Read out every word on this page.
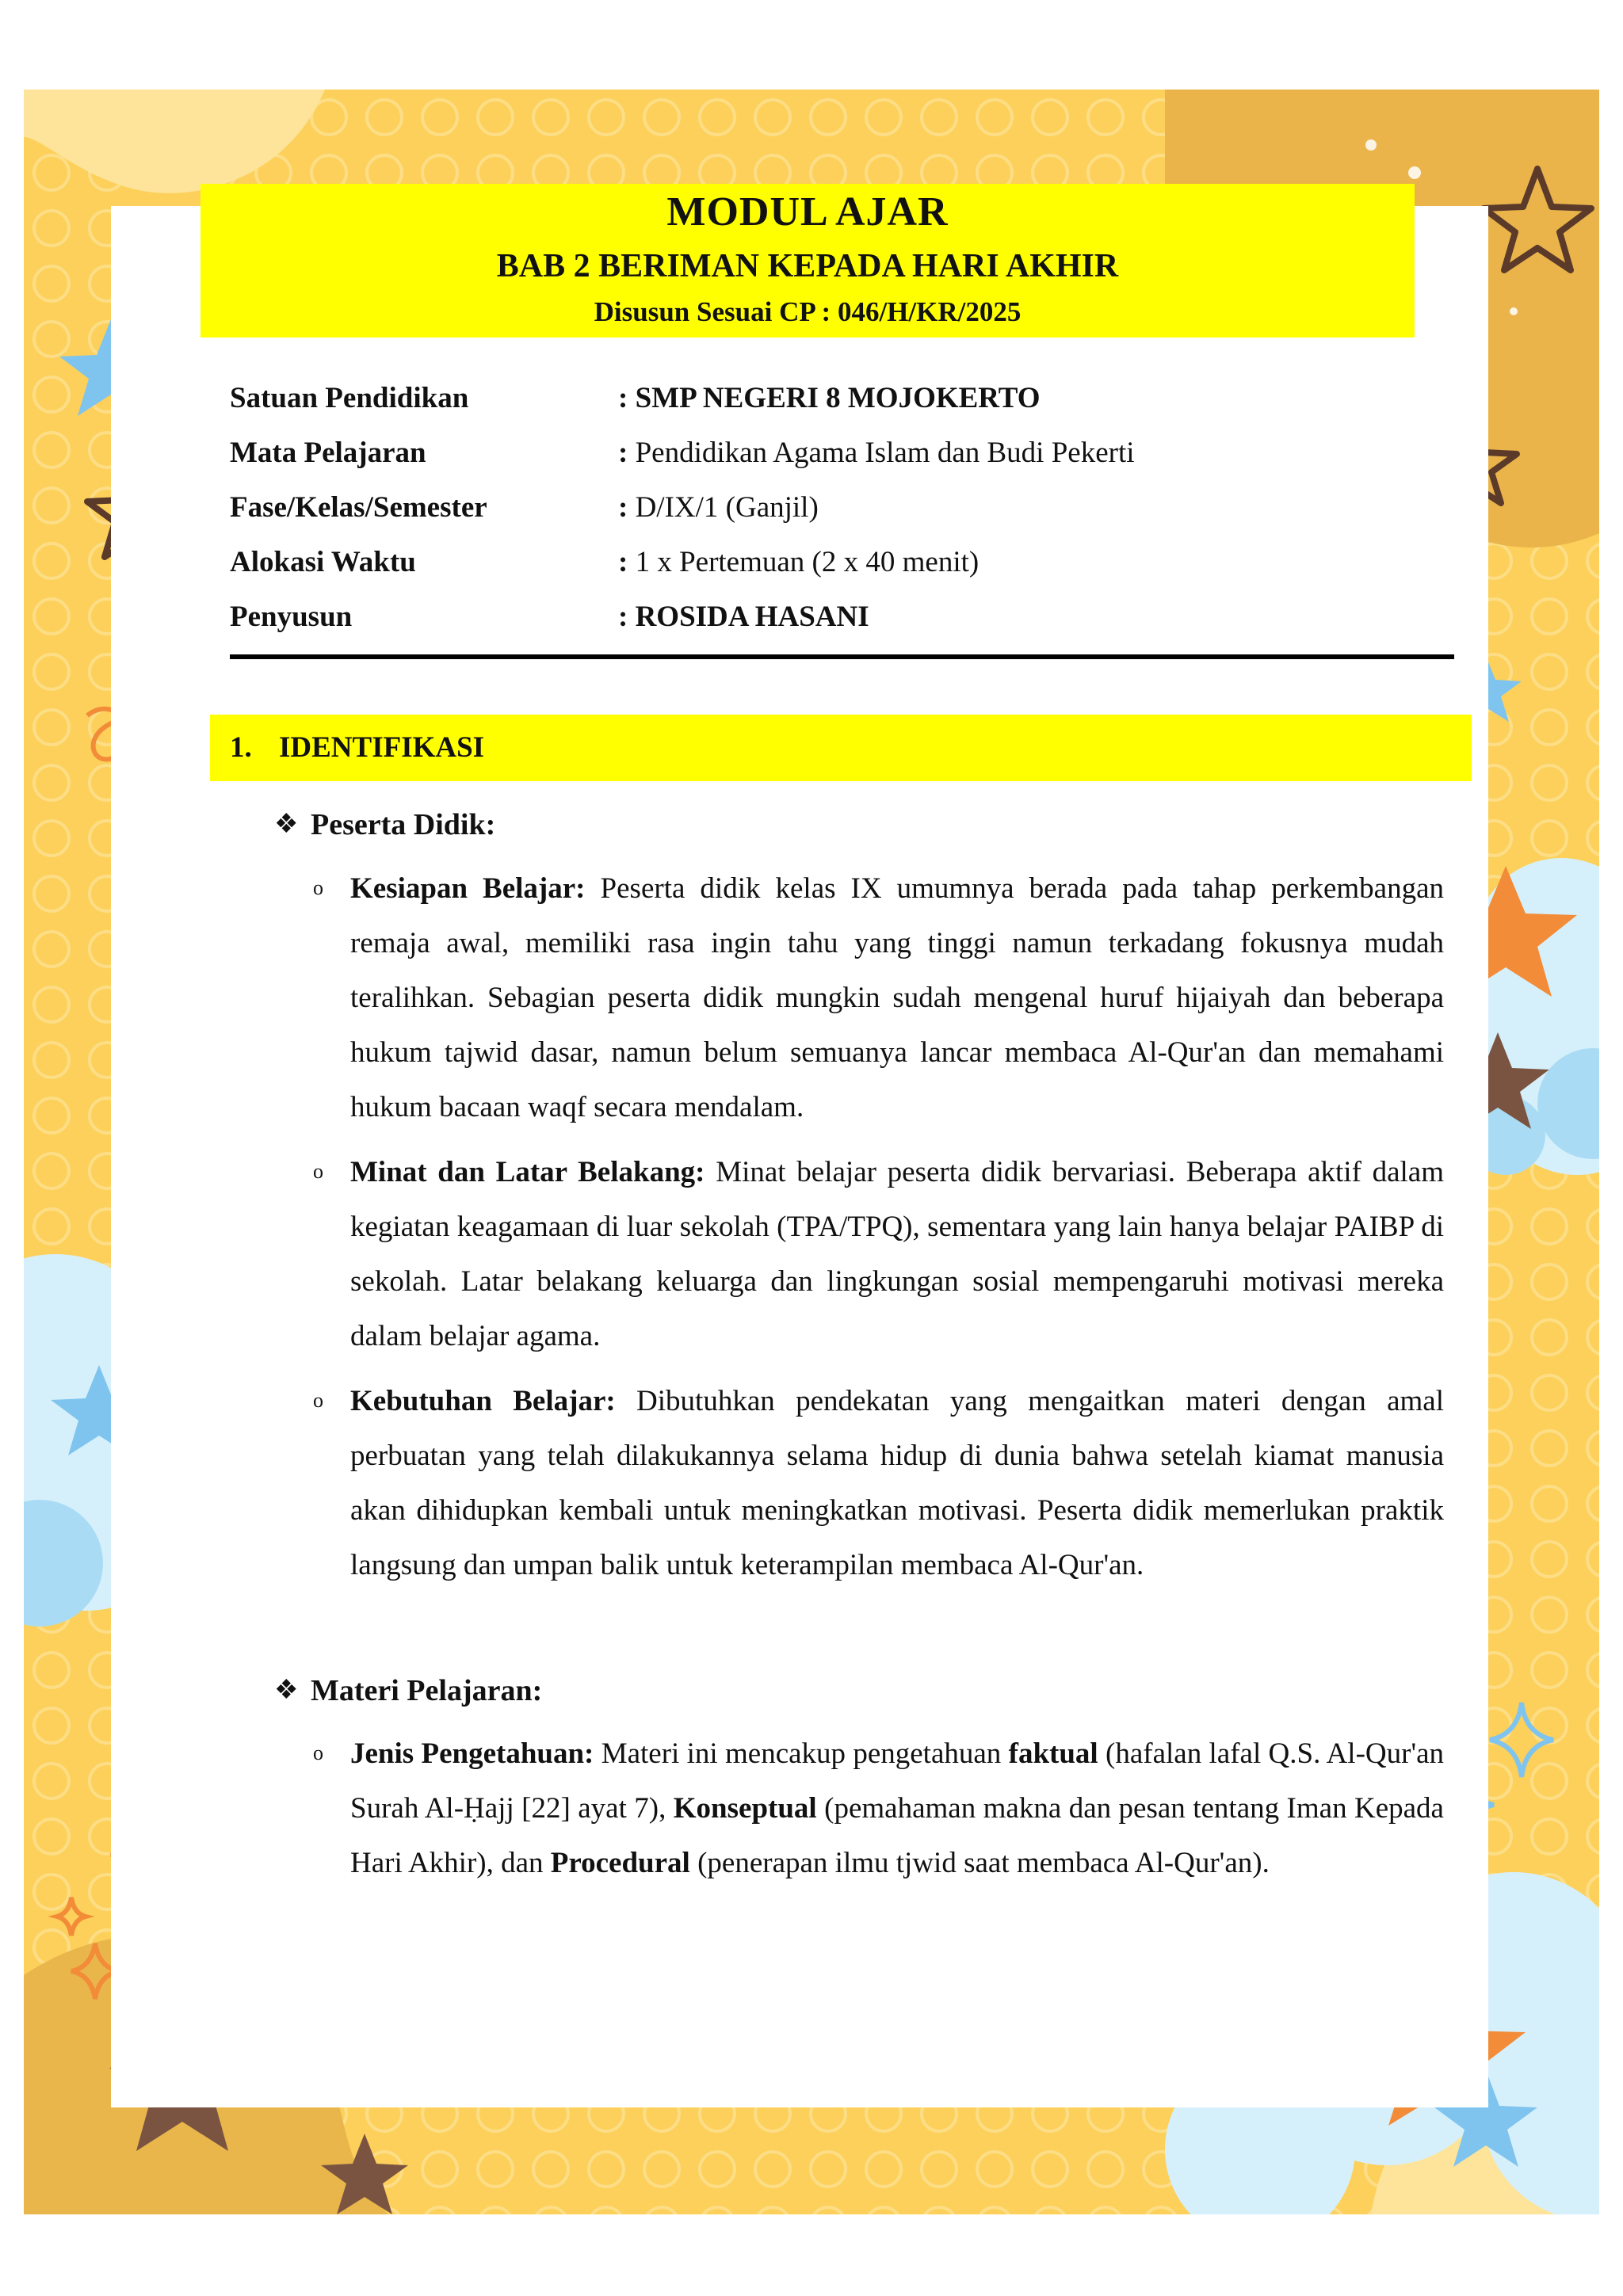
MODUL AJAR
BAB 2 BERIMAN KEPADA HARI AKHIR
Disusun Sesuai CP : 046/H/KR/2025
Satuan Pendidikan	: SMP NEGERI 8 MOJOKERTO
Mata Pelajaran	: Pendidikan Agama Islam dan Budi Pekerti
Fase/Kelas/Semester	: D/IX/1 (Ganjil)
Alokasi Waktu	: 1 x Pertemuan (2 x 40 menit)
Penyusun	: ROSIDA HASANI
1. IDENTIFIKASI
❖ Peserta Didik:
o Kesiapan Belajar: Peserta didik kelas IX umumnya berada pada tahap perkembangan remaja awal, memiliki rasa ingin tahu yang tinggi namun terkadang fokusnya mudah teralihkan. Sebagian peserta didik mungkin sudah mengenal huruf hijaiyah dan beberapa hukum tajwid dasar, namun belum semuanya lancar membaca Al-Qur'an dan memahami hukum bacaan waqf secara mendalam.
o Minat dan Latar Belakang: Minat belajar peserta didik bervariasi. Beberapa aktif dalam kegiatan keagamaan di luar sekolah (TPA/TPQ), sementara yang lain hanya belajar PAIBP di sekolah. Latar belakang keluarga dan lingkungan sosial mempengaruhi motivasi mereka dalam belajar agama.
o Kebutuhan Belajar: Dibutuhkan pendekatan yang mengaitkan materi dengan amal perbuatan yang telah dilakukannya selama hidup di dunia bahwa setelah kiamat manusia akan dihidupkan kembali untuk meningkatkan motivasi. Peserta didik memerlukan praktik langsung dan umpan balik untuk keterampilan membaca Al-Qur'an.
❖ Materi Pelajaran:
o Jenis Pengetahuan: Materi ini mencakup pengetahuan faktual (hafalan lafal Q.S. Al-Qur'an Surah Al-Ḥajj [22] ayat 7), Konseptual (pemahaman makna dan pesan tentang Iman Kepada Hari Akhir), dan Procedural (penerapan ilmu tjwid saat membaca Al-Qur'an).
